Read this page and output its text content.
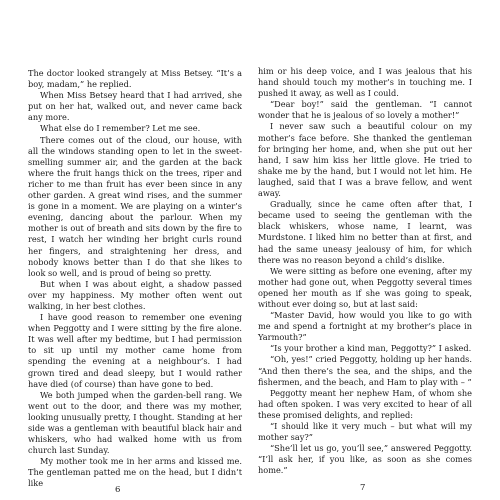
The doctor looked strangely at Miss Betsey. “It’s a boy, madam,” he replied.

When Miss Betsey heard that I had arrived, she put on her hat, walked out, and never came back any more.

What else do I remember? Let me see.

There comes out of the cloud, our house, with all the windows standing open to let in the sweet-smelling summer air, and the garden at the back where the fruit hangs thick on the trees, riper and richer to me than fruit has ever been since in any other garden. A great wind rises, and the summer is gone in a moment. We are playing on a winter’s evening, dancing about the parlour. When my mother is out of breath and sits down by the fire to rest, I watch her winding her bright curls round her fingers, and straightening her dress, and nobody knows better than I do that she likes to look so well, and is proud of being so pretty.

But when I was about eight, a shadow passed over my happiness. My mother often went out walking, in her best clothes.

I have good reason to remember one evening when Peggotty and I were sitting by the fire alone. It was well after my bedtime, but I had permission to sit up until my mother came home from spending the evening at a neighbour’s. I had grown tired and dead sleepy, but I would rather have died (of course) than have gone to bed.

We both jumped when the garden-bell rang. We went out to the door, and there was my mother, looking unusually pretty, I thought. Standing at her side was a gentleman with beautiful black hair and whiskers, who had walked home with us from church last Sunday.

My mother took me in her arms and kissed me. The gentleman patted me on the head, but I didn’t like

6

him or his deep voice, and I was jealous that his hand should touch my mother’s in touching me. I pushed it away, as well as I could.

“Dear boy!” said the gentleman. “I cannot wonder that he is jealous of so lovely a mother!”

I never saw such a beautiful colour on my mother’s face before. She thanked the gentleman for bringing her home, and, when she put out her hand, I saw him kiss her little glove. He tried to shake me by the hand, but I would not let him. He laughed, said that I was a brave fellow, and went away.

Gradually, since he came often after that, I became used to seeing the gentleman with the black whiskers, whose name, I learnt, was Murdstone. I liked him no better than at first, and had the same uneasy jealousy of him, for which there was no reason beyond a child’s dislike.

We were sitting as before one evening, after my mother had gone out, when Peggotty several times opened her mouth as if she was going to speak, without ever doing so, but at last said:

“Master David, how would you like to go with me and spend a fortnight at my brother’s place in Yarmouth?”

“Is your brother a kind man, Peggotty?” I asked.

“Oh, yes!” cried Peggotty, holding up her hands. “And then there’s the sea, and the ships, and the fishermen, and the beach, and Ham to play with – ”

Peggotty meant her nephew Ham, of whom she had often spoken. I was very excited to hear of all these promised delights, and replied:

“I should like it very much – but what will my mother say?”

“She’ll let us go, you’ll see,” answered Peggotty. “I’ll ask her, if you like, as soon as she comes home.”

7
